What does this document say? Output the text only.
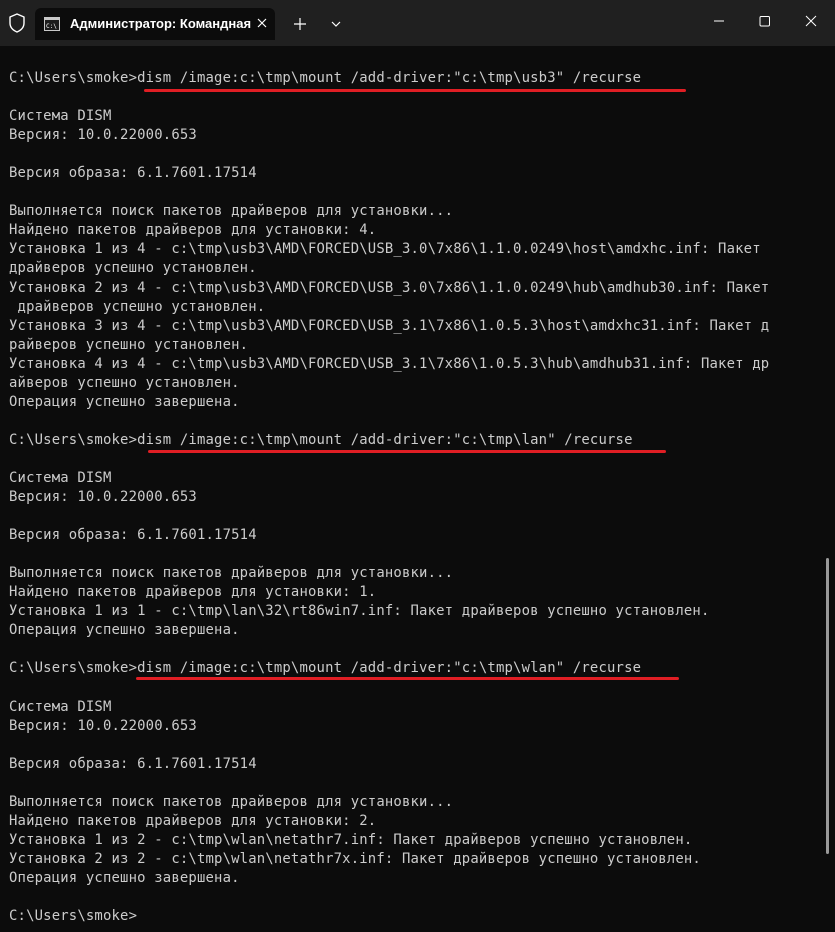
C:\ Администратор: Командная
C:\Users\smoke>dism /image:c:\tmp\mount /add-driver:"c:\tmp\usb3" /recurse
Система DISM
Версия: 10.0.22000.653
Версия образа: 6.1.7601.17514
Выполняется поиск пакетов драйверов для установки...
Найдено пакетов драйверов для установки: 4.
Установка 1 из 4 - c:\tmp\usb3\AMD\FORCED\USB_3.0\7x86\1.1.0.0249\host\amdxhc.inf: Пакет
драйверов успешно установлен.
Установка 2 из 4 - c:\tmp\usb3\AMD\FORCED\USB_3.0\7x86\1.1.0.0249\hub\amdhub30.inf: Пакет
драйверов успешно установлен.
Установка 3 из 4 - c:\tmp\usb3\AMD\FORCED\USB_3.1\7x86\1.0.5.3\host\amdxhc31.inf: Пакет д
райверов успешно установлен.
Установка 4 из 4 - c:\tmp\usb3\AMD\FORCED\USB_3.1\7x86\1.0.5.3\hub\amdhub31.inf: Пакет др
айверов успешно установлен.
Операция успешно завершена.
C:\Users\smoke>dism /image:c:\tmp\mount /add-driver:"c:\tmp\lan" /recurse
Система DISM
Версия: 10.0.22000.653
Версия образа: 6.1.7601.17514
Выполняется поиск пакетов драйверов для установки...
Найдено пакетов драйверов для установки: 1.
Установка 1 из 1 - c:\tmp\lan\32\rt86win7.inf: Пакет драйверов успешно установлен.
Операция успешно завершена.
C:\Users\smoke>dism /image:c:\tmp\mount /add-driver:"c:\tmp\wlan" /recurse
Система DISM
Версия: 10.0.22000.653
Версия образа: 6.1.7601.17514
Выполняется поиск пакетов драйверов для установки...
Найдено пакетов драйверов для установки: 2.
Установка 1 из 2 - c:\tmp\wlan\netathr7.inf: Пакет драйверов успешно установлен.
Установка 2 из 2 - c:\tmp\wlan\netathr7x.inf: Пакет драйверов успешно установлен.
Операция успешно завершена.
C:\Users\smoke>
